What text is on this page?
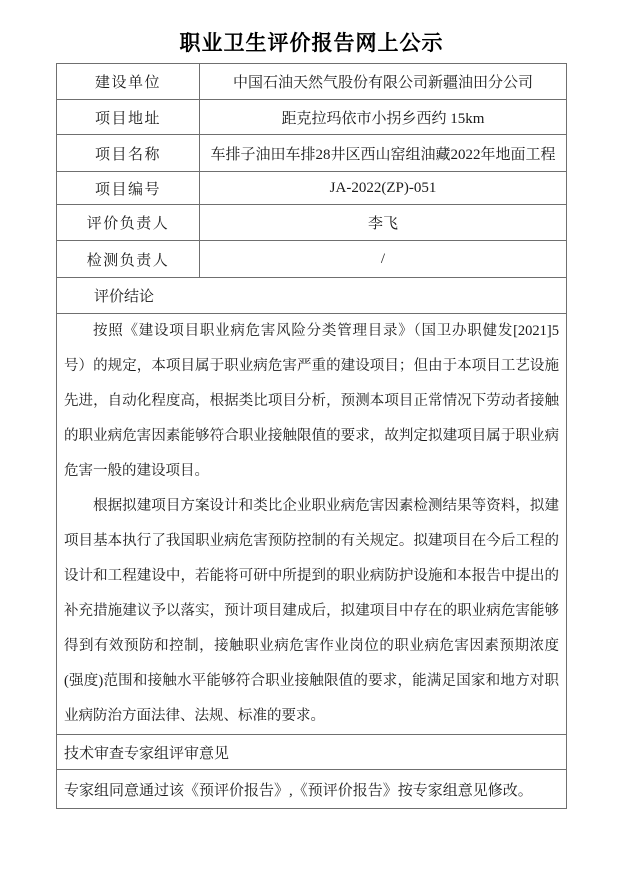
职业卫生评价报告网上公示
建设单位	中国石油天然气股份有限公司新疆油田分公司
项目地址	距克拉玛依市小拐乡西约 15km
项目名称	车排子油田车排28井区西山窑组油藏2022年地面工程
项目编号	JA-2022(ZP)-051
评价负责人	李飞
检测负责人	/
评价结论

按照《建设项目职业病危害风险分类管理目录》（国卫办职健发[2021]5 号）的规定，本项目属于职业病危害严重的建设项目；但由于本项目工艺设施先进，自动化程度高，根据类比项目分析，预测本项目正常情况下劳动者接触的职业病危害因素能够符合职业接触限值的要求，故判定拟建项目属于职业病危害一般的建设项目。

根据拟建项目方案设计和类比企业职业病危害因素检测结果等资料，拟建项目基本执行了我国职业病危害预防控制的有关规定。拟建项目在今后工程的设计和工程建设中，若能将可研中所提到的职业病防护设施和本报告中提出的补充措施建议予以落实，预计项目建成后，拟建项目中存在的职业病危害能够得到有效预防和控制，接触职业病危害作业岗位的职业病危害因素预期浓度(强度)范围和接触水平能够符合职业接触限值的要求，能满足国家和地方对职业病防治方面法律、法规、标准的要求。

技术审查专家组评审意见
专家组同意通过该《预评价报告》,《预评价报告》按专家组意见修改。
